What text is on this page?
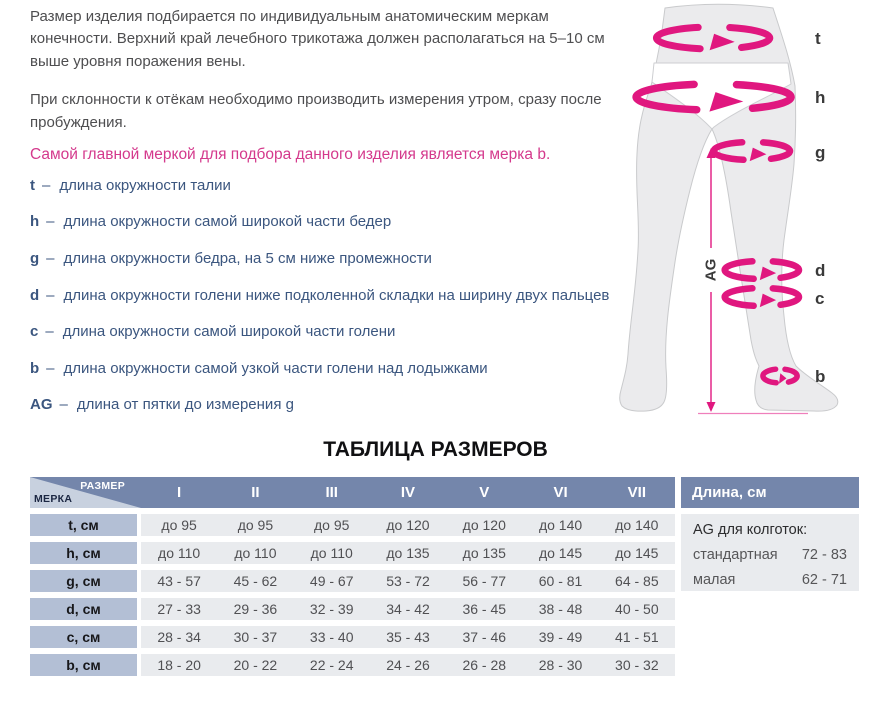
Размер изделия подбирается по индивидуальным анатомическим меркам конечности. Верхний край лечебного трикотажа должен располагаться на 5–10 см выше уровня поражения вены.

При склонности к отёкам необходимо производить измерения утром, сразу после пробуждения.

Самой главной меркой для подбора данного изделия является мерка b.

t – длина окружности талии
h – длина окружности самой широкой части бедер
g – длина окружности бедра, на 5 см ниже промежности
d – длина окружности голени ниже подколенной складки на ширину двух пальцев
c – длина окружности самой широкой части голени
b – длина окружности самой узкой части голени над лодыжками
AG – длина от пятки до измерения g
AG
t
h
g
d
c
b
ТАБЛИЦА РАЗМЕРОВ
РАЗМЕР
МЕРКА	I	II	III	IV	V	VI	VII
t, см	до 95	до 95	до 95	до 120	до 120	до 140	до 140
h, см	до 110	до 110	до 110	до 135	до 135	до 145	до 145
g, см	43 - 57	45 - 62	49 - 67	53 - 72	56 - 77	60 - 81	64 - 85
d, см	27 - 33	29 - 36	32 - 39	34 - 42	36 - 45	38 - 48	40 - 50
c, см	28 - 34	30 - 37	33 - 40	35 - 43	37 - 46	39 - 49	41 - 51
b, см	18 - 20	20 - 22	22 - 24	24 - 26	26 - 28	28 - 30	30 - 32
Длина, см
AG для колготок:
стандартная 72 - 83
малая	62 - 71
